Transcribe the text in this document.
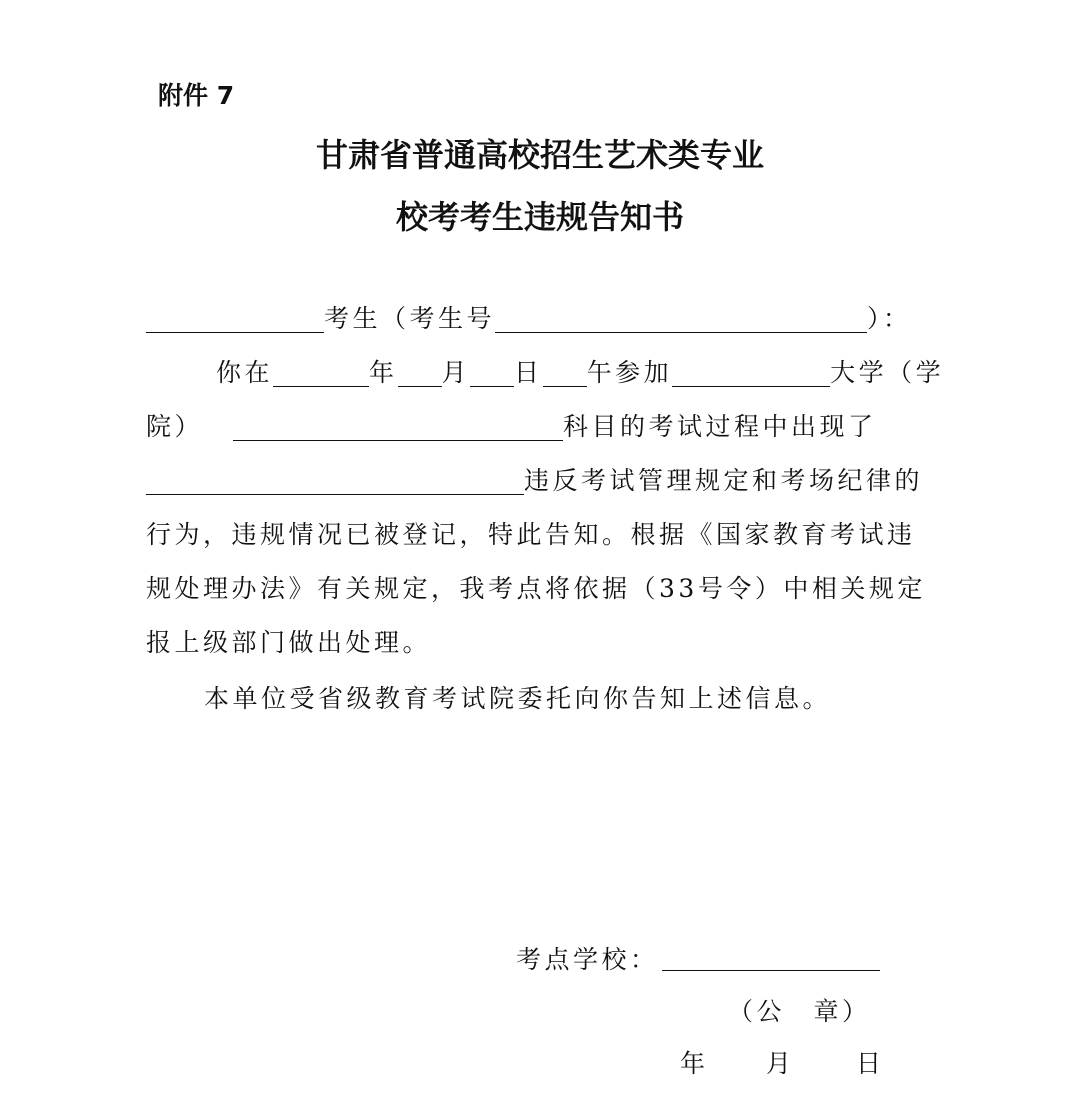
附件 7
甘肃省普通高校招生艺术类专业
校考考生违规告知书
考生（考生号	）：
你在	年 月 日 午参加	大学（学
院）	科目的考试过程中出现了
违反考试管理规定和考场纪律的
行为，违规情况已被登记，特此告知。根据《国家教育考试违
规处理办法》有关规定，我考点将依据（33号令）中相关规定
报上级部门做出处理。
本单位受省级教育考试院委托向你告知上述信息。
考点学校：
（公　章）
年 月 日
